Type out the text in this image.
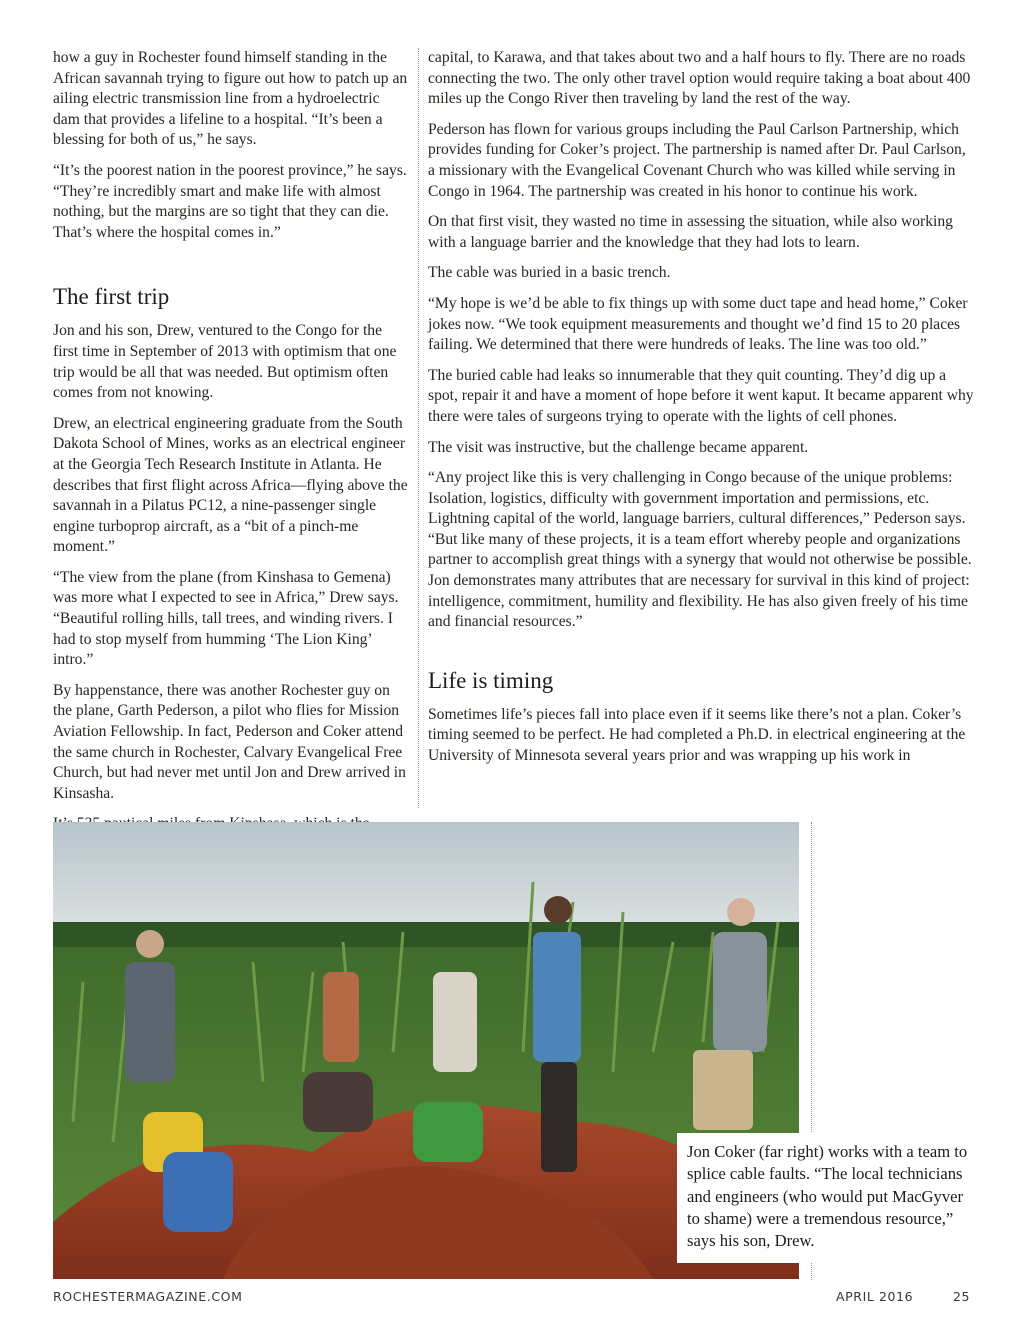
how a guy in Rochester found himself standing in the African savannah trying to figure out how to patch up an ailing electric transmission line from a hydroelectric dam that provides a lifeline to a hospital. “It’s been a blessing for both of us,” he says.

“It’s the poorest nation in the poorest province,” he says. “They’re incredibly smart and make life with almost nothing, but the margins are so tight that they can die. That’s where the hospital comes in.”

The first trip

Jon and his son, Drew, ventured to the Congo for the first time in September of 2013 with optimism that one trip would be all that was needed. But optimism often comes from not knowing.

Drew, an electrical engineering graduate from the South Dakota School of Mines, works as an electrical engineer at the Georgia Tech Research Institute in Atlanta. He describes that first flight across Africa—flying above the savannah in a Pilatus PC12, a nine-passenger single engine turboprop aircraft, as a “bit of a pinch-me moment.”

“The view from the plane (from Kinshasa to Gemena) was more what I expected to see in Africa,” Drew says. “Beautiful rolling hills, tall trees, and winding rivers. I had to stop myself from humming ‘The Lion King’ intro.”

By happenstance, there was another Rochester guy on the plane, Garth Pederson, a pilot who flies for Mission Aviation Fellowship. In fact, Pederson and Coker attend the same church in Rochester, Calvary Evangelical Free Church, but had never met until Jon and Drew arrived in Kinsasha.

capital, to Karawa, and that takes about two and a half hours to fly. There are no roads connecting the two. The only other travel option would require taking a boat about 400 miles up the Congo River then traveling by land the rest of the way.

Pederson has flown for various groups including the Paul Carlson Partnership, which provides funding for Coker’s project. The partnership is named after Dr. Paul Carlson, a missionary with the Evangelical Covenant Church who was killed while serving in Congo in 1964. The partnership was created in his honor to continue his work.

On that first visit, they wasted no time in assessing the situation, while also working with a language barrier and the knowledge that they had lots to learn.

The cable was buried in a basic trench.

“My hope is we’d be able to fix things up with some duct tape and head home,” Coker jokes now. “We took equipment measurements and thought we’d find 15 to 20 places failing. We determined that there were hundreds of leaks. The line was too old.”

The buried cable had leaks so innumerable that they quit counting. They’d dig up a spot, repair it and have a moment of hope before it went kaput. It became apparent why there were tales of surgeons trying to operate with the lights of cell phones.

The visit was instructive, but the challenge became apparent.

“Any project like this is very challenging in Congo because of the unique problems: Isolation, logistics, difficulty with government importation and permissions, etc. Lightning capital of the world, language barriers, cultural differences,” Pederson says. “But like many of these projects, it is a team effort whereby people and organizations partner to accomplish great things with a synergy that would not otherwise be possible. Jon demonstrates many attributes that are necessary for survival in this kind of project: intelligence, commitment, humility and flexibility. He has also given freely of his time and financial resources.”

Life is timing

Sometimes life’s pieces fall into place even if it seems like there’s not a plan. Coker’s timing seemed to be perfect. He had completed a Ph.D. in electrical engineering at the University of Minnesota several years prior and was wrapping up his work in

Jon Coker (far right) works with a team to splice cable faults. “The local technicians and engineers (who would put MacGyver to shame) were a tremendous resource,” says his son, Drew.
ROCHESTERMAGAZINE.COM	APRIL 2016	25
